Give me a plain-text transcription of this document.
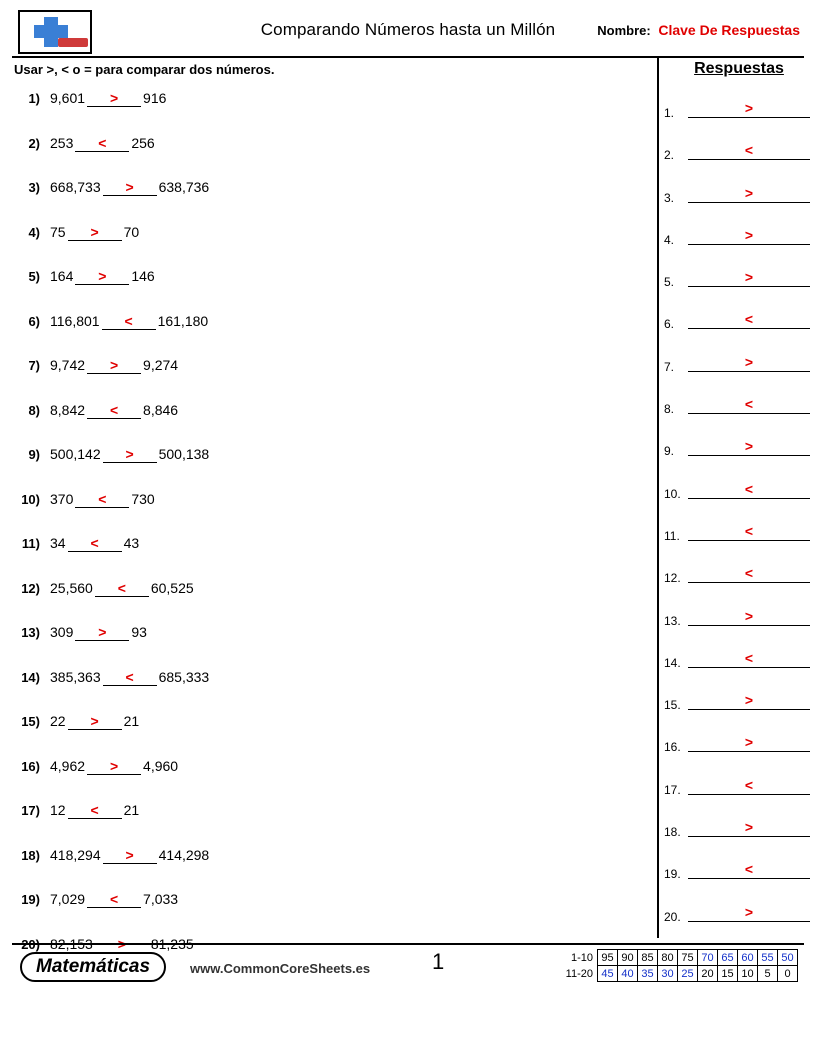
Comparando Números hasta un Millón	Nombre: Clave De Respuestas
Usar >, < o = para comparar dos números.
1) 9,601 > 916
2) 253 < 256
3) 668,733 > 638,736
4) 75 > 70
5) 164 > 146
6) 116,801 < 161,180
7) 9,742 > 9,274
8) 8,842 < 8,846
9) 500,142 > 500,138
10) 370 < 730
11) 34 < 43
12) 25,560 < 60,525
13) 309 > 93
14) 385,363 < 685,333
15) 22 > 21
16) 4,962 > 4,960
17) 12 < 21
18) 418,294 > 414,298
19) 7,029 < 7,033
20) 82,153 > 81,235
Respuestas
1.	>
2.	<
3.	>
4.	>
5.	>
6.	<
7.	>
8.	<
9.	>
10.	<
11.	<
12.	<
13.	>
14.	<
15.	>
16.	>
17.	<
18.	>
19.	<
20.	>
Matemáticas	www.CommonCoreSheets.es	1	1-10	95	90	85	80	75	70	65	60	55	50
11-20	45	40	35	30	25	20	15	10	5	0
